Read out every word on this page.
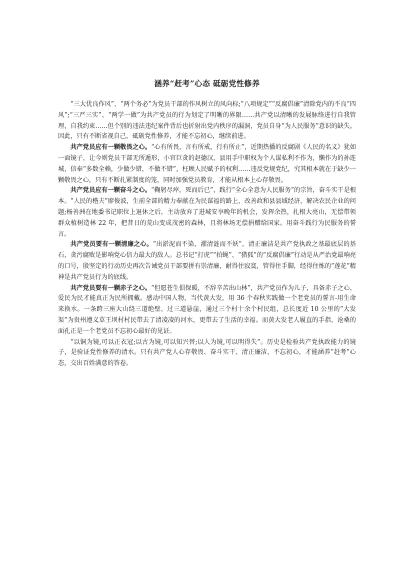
涵养“赶考”心态 砥砺党性修养

“三大优良作风”、“两个务必”为党员干部的作风树立的风向标;“八项规定”“反腐倡廉”清除党内的不良“四风”;“三严三实”、“两学一做”为共产党员的行为划定了明晰的界限……共产党以清晰的发展脉络进行自我管理，自我约束……但个别的违法违纪案件背后也折射出党内秩序的漏洞，党员自身“为人民服务”意识的缺失。因此，只有不断省视自己，砥砺党性修养，才能不忘初心，继续前进。

共产党员应有一颗敬畏之心。“心有所畏，言有所戒，行有所止”，近期热播的反腐剧《人民的名义》犹如一面镜子，让今则党员干部无所遁形，小官巨贪的赵德汉，县用手中职权为个人谋私利不作为，懒作为的孙连城，信奉“多数全赖，少做少错，不做不错”，枉顾人民赋予的权利……违反党规党纪，究其根本就在于缺少一颗敬畏之心，只有不断扎紧制度的笼，同时加强党员教育，才能从根本上心存敬畏。

共产党员应有一颗奋斗之心。“鞠躬尽瘁，死而后已”，践行“全心全意为人民服务”的宗旨，奋斗实干是根本。“人民的楷夫”廖俊波，生前全部的精力奉献在为民谋福的路上，改善政和县县域经济，解决农民企业的问题;杨善洲在地委书记职位上退休之后，主动放弃了进城安享晚年的机会，发挥余热，扎根大亮山，无偿带领群众植树造林 22 年，把昔日的荒山变成茂密的森林，且将林场无偿捐赠给国家。用奋斗践行为民服务的誓言。

共产党员要有一颗清廉之心。“出淤泥而不染，濯清涟而不妖”，清正廉洁是共产党执政之基最底层的基石，贪污腐败是影响党心信力最大的敌人。总书记“打虎”“拍蝇”、“猎狐”的“反腐倡廉”行动是从严治党最响亮的口号，殷坚定的行动历史再次告诫党员干部要拼有崇清廉，耐得住寂寞，管得住手脚，经得住炼的“莲花”精神是共产党员行为的底线。

共产党员要有一颗赤子之心。“但愿苍生俱保暖，不辞辛苦出山林”，共产党员作为儿子，具备赤子之心，爱民为民才能真正为民所拥戴。感动中国人物，当代黄大发，用 36 个春秋实践做一个老党员的誓言-用生命来换水。一条跨三座大山绕三道绝壁、过三道悬崖，通过三个村十余个村民组，总长度近 10 公里的“大发渠”为贵州遵义草王坝村村民带去了清凌凌的河水，更带去了生活的幸福。而黄大发老人履直的手指、沧桑的面孔正是一个老党员不忘初心最好的见证。

“以铜为镜,可以正衣冠;以古为镜,可以知兴替;以人为镜,可以明得失”。历史是检验共产党执政能力的镜子，是验证党性修养的清水。只有共产党人心存敬畏、奋斗实干、清正廉洁、不忘初心，才能涵养“赶考”心态，交出百姓满意的答卷。
